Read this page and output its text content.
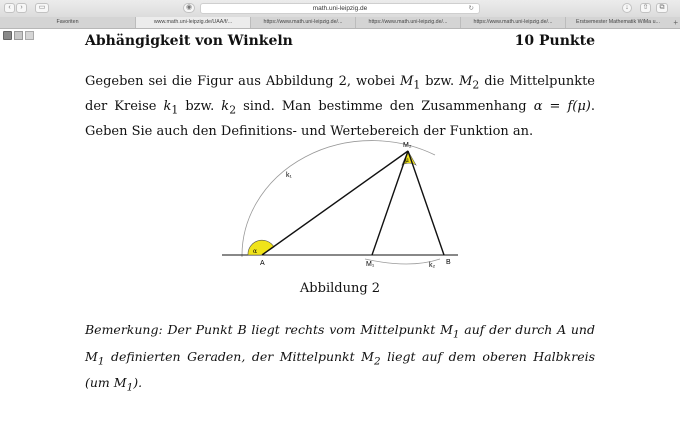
‹	›	▭	◉	math.uni-leipzig.de	↻	↓	⇧	⧉
Favoriten	www.math.uni-leipzig.de/UAA/f/...	https://www.math.uni-leipzig.de/...	https://www.math.uni-leipzig.de/...	https://www.math.uni-leipzig.de/...	Erstsemester Mathematik WiMa u...	+
Abhängigkeit von Winkeln	10 Punkte
Gegeben sei die Figur aus Abbildung 2, wobei $M_1$ bzw. $M_2$ die Mittelpunkte der Kreise $k_1$ bzw. $k_2$ sind. Man bestimme den Zusammenhang α = f(μ). Geben Sie auch den Definitions- und Wertebereich der Funktion an.
A	B
M₁
M₂
k₁
k₂
α
μ
Abbildung 2
Bemerkung: Der Punkt B liegt rechts vom Mittelpunkt $M_1$ auf der durch A und $M_1$ definierten Geraden, der Mittelpunkt $M_2$ liegt auf dem oberen Halbkreis (um $M_1$).
